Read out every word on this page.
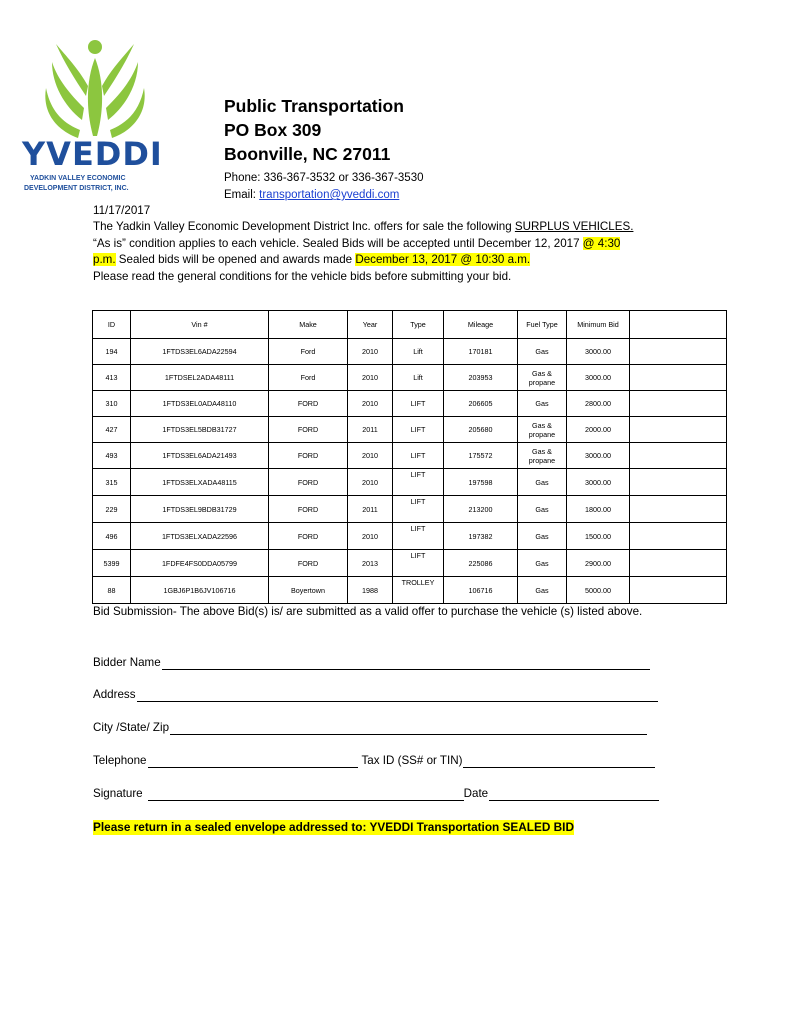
YVEDDI
YADKIN VALLEY ECONOMIC
DEVELOPMENT DISTRICT, INC.
Public Transportation
PO Box 309
Boonville, NC 27011
Phone: 336-367-3532 or 336-367-3530
Email: transportation@yveddi.com
11/17/2017
The Yadkin Valley Economic Development District Inc. offers for sale the following SURPLUS VEHICLES.
“As is” condition applies to each vehicle. Sealed Bids will be accepted until December 12, 2017 @ 4:30
p.m. Sealed bids will be opened and awards made December 13, 2017 @ 10:30 a.m.
Please read the general conditions for the vehicle bids before submitting your bid.
ID	Vin #	Make	Year	Type	Mileage	Fuel Type	Minimum Bid	
194	1FTDS3EL6ADA22594	Ford	2010	Lift	170181	Gas	3000.00	
413	1FTDSEL2ADA48111	Ford	2010	Lift	203953	Gas & propane	3000.00	
310	1FTDS3EL0ADA48110	FORD	2010	LIFT	206605	Gas	2800.00	
427	1FTDS3EL5BDB31727	FORD	2011	LIFT	205680	Gas & propane	2000.00	
493	1FTDS3EL6ADA21493	FORD	2010	LIFT	175572	Gas & propane	3000.00	
315	1FTDS3ELXADA48115	FORD	2010	LIFT	197598	Gas	3000.00	
229	1FTDS3EL9BDB31729	FORD	2011	LIFT	213200	Gas	1800.00	
496	1FTDS3ELXADA22596	FORD	2010	LIFT	197382	Gas	1500.00	
5399	1FDFE4FS0DDA05799	FORD	2013	LIFT	225086	Gas	2900.00	
88	1GBJ6P1B6JV106716	Boyertown	1988	TROLLEY	106716	Gas	5000.00	
Bid Submission- The above Bid(s) is/ are submitted as a valid offer to purchase the vehicle (s) listed above.
Bidder Name
Address
City /State/ Zip
Telephone	Tax ID (SS# or TIN)
Signature	Date
Please return in a sealed envelope addressed to: YVEDDI Transportation SEALED BID
